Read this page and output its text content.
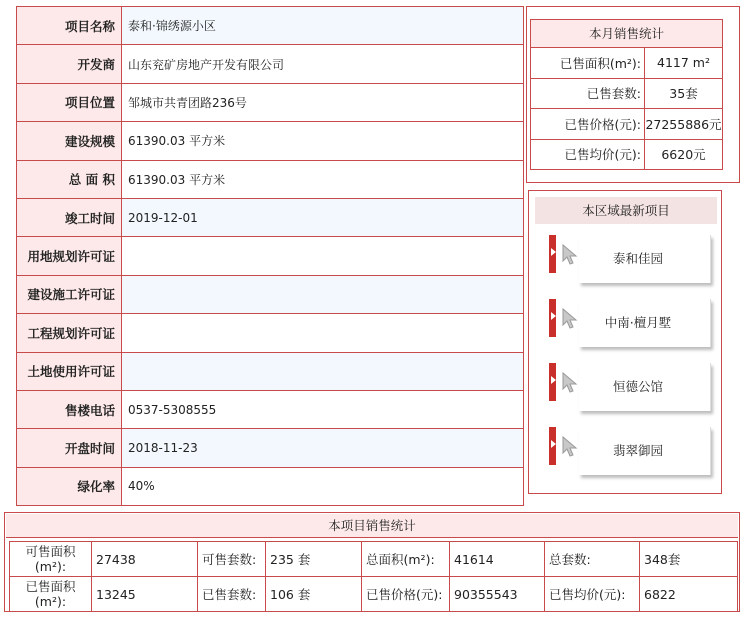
项目名称	泰和·锦绣源小区
开发商	山东兖矿房地产开发有限公司
项目位置	邹城市共青团路236号
建设规模	61390.03 平方米
总 面 积	61390.03 平方米
竣工时间	2019-12-01
用地规划许可证	
建设施工许可证	
工程规划许可证	
土地使用许可证	
售楼电话	0537-5308555
开盘时间	2018-11-23
绿化率	40%
本月销售统计
已售面积(m²):	4117 m²
已售套数:	35套
已售价格(元):	27255886元
已售均价(元):	6620元
本区域最新项目
泰和佳园
中南·檀月墅
恒德公馆
翡翠御园
本项目销售统计
可售面积(m²):	27438	可售套数:	235 套	总面积(m²):	41614	总套数:	348套
已售面积(m²):	13245	已售套数:	106 套	已售价格(元):	90355543	已售均价(元):	6822
